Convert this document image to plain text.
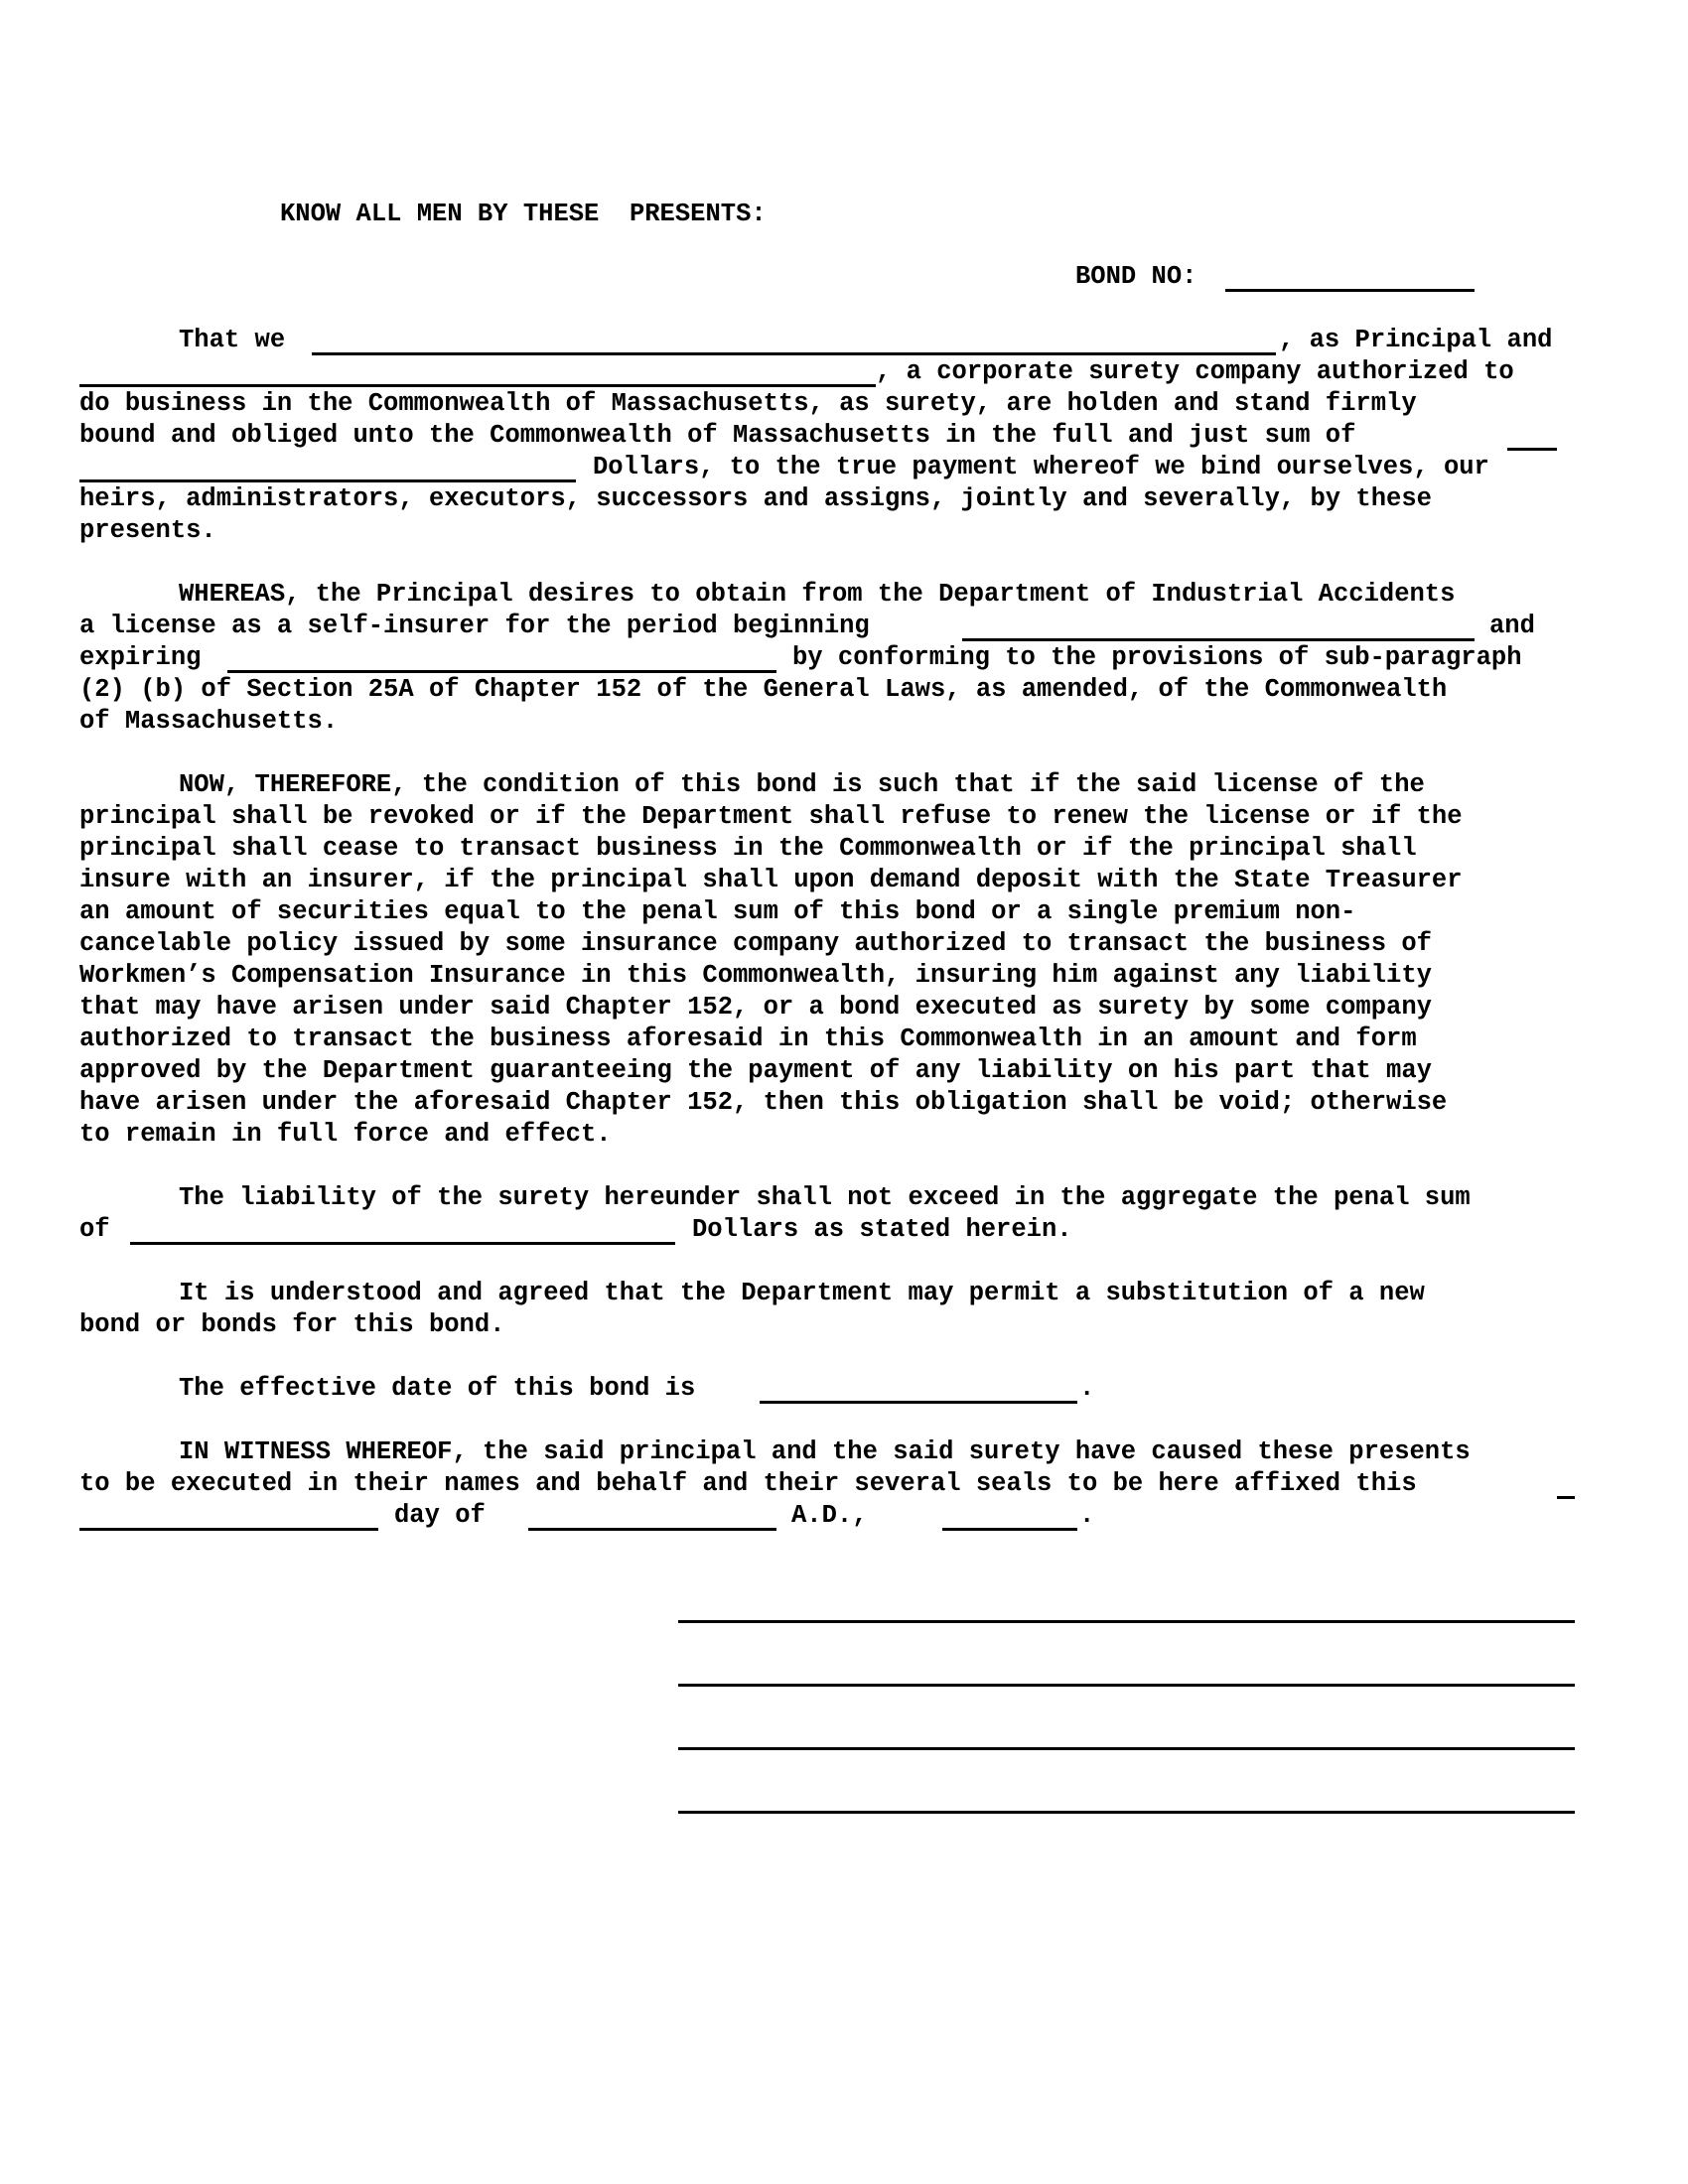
KNOW ALL MEN BY THESE  PRESENTS:
BOND NO:
That we	, as Principal and
, a corporate surety company authorized to
do business in the Commonwealth of Massachusetts, as surety, are holden and stand firmly
bound and obliged unto the Commonwealth of Massachusetts in the full and just sum of
Dollars, to the true payment whereof we bind ourselves, our
heirs, administrators, executors, successors and assigns, jointly and severally, by these
presents.
WHEREAS, the Principal desires to obtain from the Department of Industrial Accidents
a license as a self-insurer for the period beginning	and
expiring	by conforming to the provisions of sub-paragraph
(2) (b) of Section 25A of Chapter 152 of the General Laws, as amended, of the Commonwealth
of Massachusetts.
NOW, THEREFORE, the condition of this bond is such that if the said license of the
principal shall be revoked or if the Department shall refuse to renew the license or if the
principal shall cease to transact business in the Commonwealth or if the principal shall
insure with an insurer, if the principal shall upon demand deposit with the State Treasurer
an amount of securities equal to the penal sum of this bond or a single premium non-
cancelable policy issued by some insurance company authorized to transact the business of
Workmen’s Compensation Insurance in this Commonwealth, insuring him against any liability
that may have arisen under said Chapter 152, or a bond executed as surety by some company
authorized to transact the business aforesaid in this Commonwealth in an amount and form
approved by the Department guaranteeing the payment of any liability on his part that may
have arisen under the aforesaid Chapter 152, then this obligation shall be void; otherwise
to remain in full force and effect.
The liability of the surety hereunder shall not exceed in the aggregate the penal sum
of	Dollars as stated herein.
It is understood and agreed that the Department may permit a substitution of a new
bond or bonds for this bond.
The effective date of this bond is	.
IN WITNESS WHEREOF, the said principal and the said surety have caused these presents
to be executed in their names and behalf and their several seals to be here affixed this
day of	A.D.,	.
